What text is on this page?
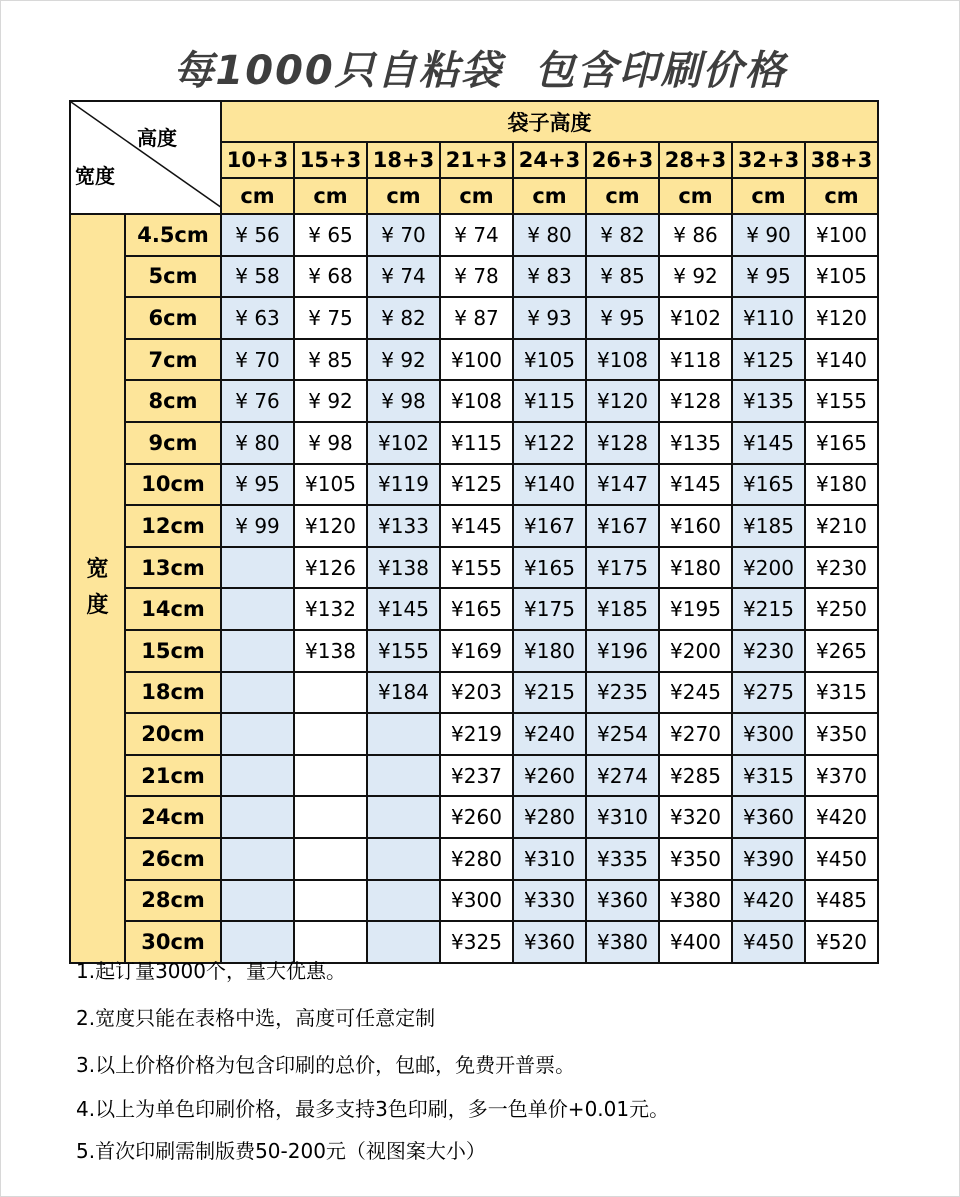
每1000只自粘袋  包含印刷价格
高度
宽度		袋子高度								
		10+3	15+3	18+3	21+3	24+3	26+3	28+3	32+3	38+3
		cm	cm	cm	cm	cm	cm	cm	cm	cm

宽度	4.5cm	¥ 56	¥ 65	¥ 70	¥ 74	¥ 80	¥ 82	¥ 86	¥ 90	¥100
	5cm	¥ 58	¥ 68	¥ 74	¥ 78	¥ 83	¥ 85	¥ 92	¥ 95	¥105
	6cm	¥ 63	¥ 75	¥ 82	¥ 87	¥ 93	¥ 95	¥102	¥110	¥120
	7cm	¥ 70	¥ 85	¥ 92	¥100	¥105	¥108	¥118	¥125	¥140
	8cm	¥ 76	¥ 92	¥ 98	¥108	¥115	¥120	¥128	¥135	¥155
	9cm	¥ 80	¥ 98	¥102	¥115	¥122	¥128	¥135	¥145	¥165
	10cm	¥ 95	¥105	¥119	¥125	¥140	¥147	¥145	¥165	¥180
	12cm	¥ 99	¥120	¥133	¥145	¥167	¥167	¥160	¥185	¥210
	13cm		¥126	¥138	¥155	¥165	¥175	¥180	¥200	¥230
	14cm		¥132	¥145	¥165	¥175	¥185	¥195	¥215	¥250
	15cm		¥138	¥155	¥169	¥180	¥196	¥200	¥230	¥265
	18cm			¥184	¥203	¥215	¥235	¥245	¥275	¥315
	20cm				¥219	¥240	¥254	¥270	¥300	¥350
	21cm				¥237	¥260	¥274	¥285	¥315	¥370
	24cm				¥260	¥280	¥310	¥320	¥360	¥420
	26cm				¥280	¥310	¥335	¥350	¥390	¥450
	28cm				¥300	¥330	¥360	¥380	¥420	¥485
	30cm				¥325	¥360	¥380	¥400	¥450	¥520
1.起订量3000个，量大优惠。
2.宽度只能在表格中选，高度可任意定制
3.以上价格价格为包含印刷的总价，包邮，免费开普票。
4.以上为单色印刷价格，最多支持3色印刷，多一色单价+0.01元。
5.首次印刷需制版费50-200元（视图案大小）
